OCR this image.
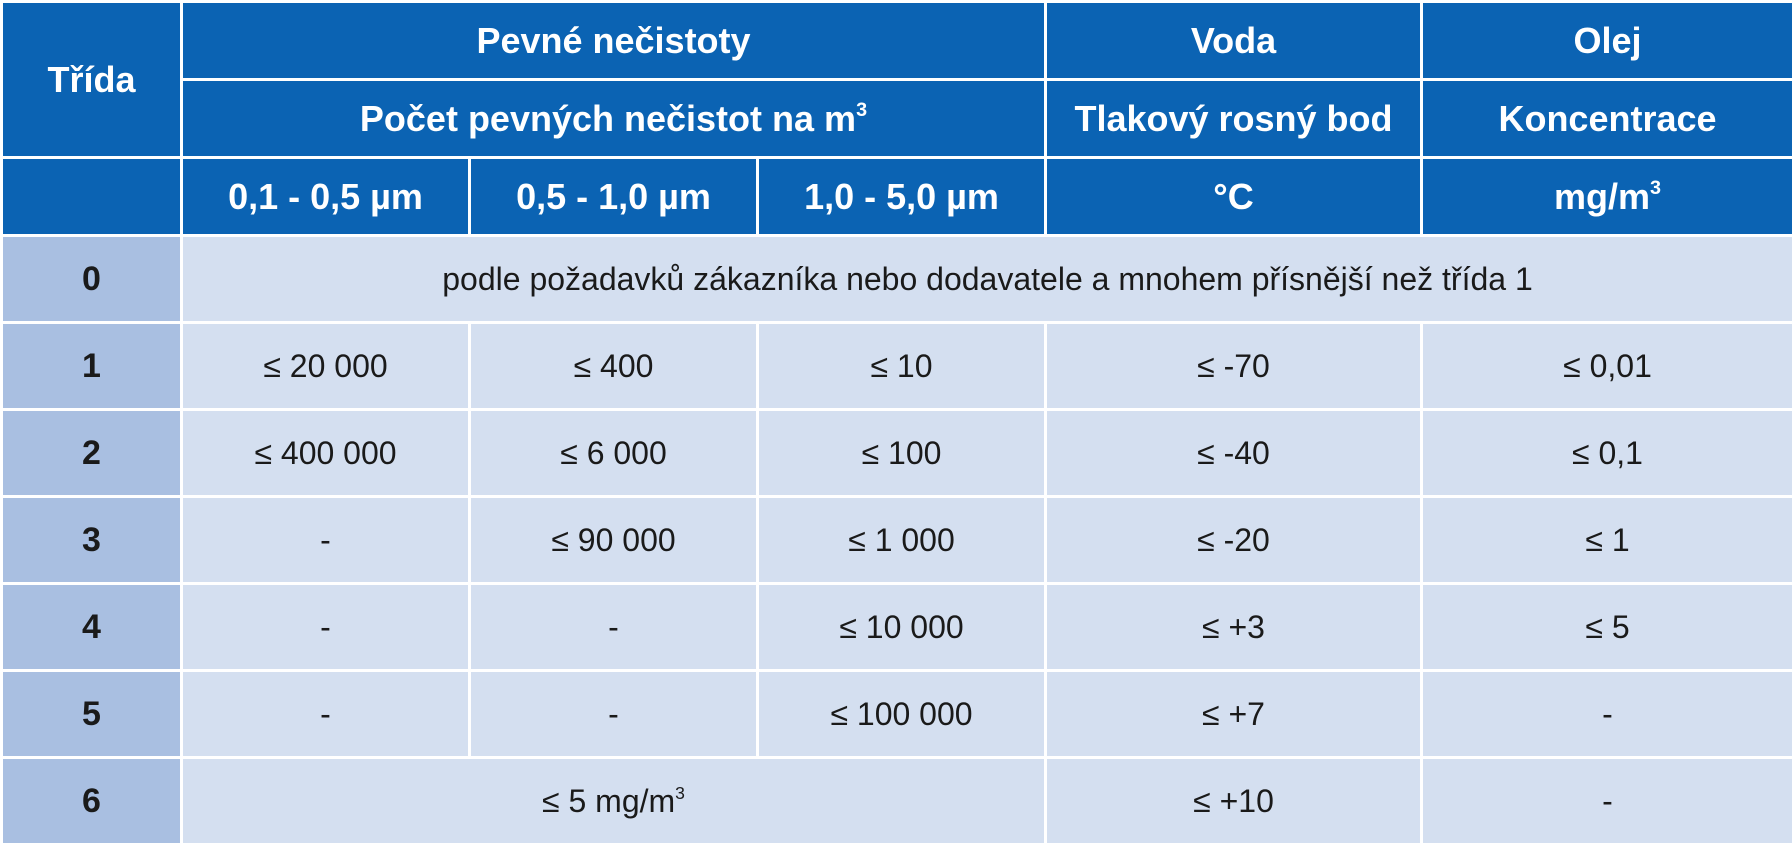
Třída	Pevné nečistoty			Voda	Olej
	Počet pevných nečistot na $m^3$			Tlakový rosný bod	Koncentrace
	0,1 - 0,5 µm	0,5 - 1,0 µm	1,0 - 5,0 µm	°C	$mg/m^3$
0	podle požadavků zákazníka nebo dodavatele a mnohem přísnější než třída 1				
1	≤ 20 000	≤ 400	≤ 10	≤ -70	≤ 0,01
2	≤ 400 000	≤ 6 000	≤ 100	≤ -40	≤ 0,1
3	-	≤ 90 000	≤ 1 000	≤ -20	≤ 1
4	-	-	≤ 10 000	≤ +3	≤ 5
5	-	-	≤ 100 000	≤ +7	-
6	≤ 5 $mg/m^3$			≤ +10	-
